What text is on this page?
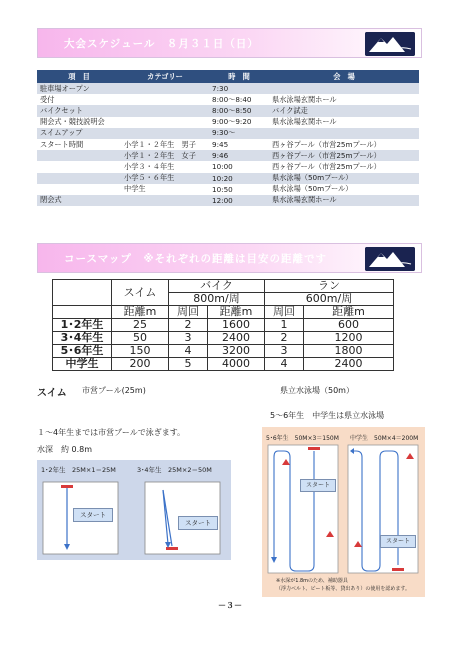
大会スケジュール　８月３１日（日）
項　目	カテゴリー	時　間	会　場
駐車場オープン		7:30	
受付		8:00～8:40	県水泳場玄関ホール
バイクセット		8:00～8:50	バイク試走
開会式・競技説明会		9:00～9:20	県水泳場玄関ホール
スイムアップ		9:30～	
スタート時間	小学１・２年生　男子	9:45	西ヶ谷プール（市営25mプール）
	小学１・２年生　女子	9:46	西ヶ谷プール（市営25mプール）
	小学３・４年生	10:00	西ヶ谷プール（市営25mプール）
	小学５・６年生	10:20	県水泳場（50mプール）
	中学生	10:50	県水泳場（50mプール）
閉会式		12:00	県水泳場玄関ホール
コースマップ　※それぞれの距離は目安の距離です
	スイム	バイク		ラン	
		800m/周		600m/周	
	距離m	周回	距離m	周回	距離m
1･2年生	25	2	1600	1	600
3･4年生	50	3	2400	2	1200
5･6年生	150	4	3200	3	1800
中学生	200	5	4000	4	2400
スイム 市営プール(25m)	県立水泳場（50m）
5～6年生　中学生は県立水泳場
１～4年生までは市営プールで泳ぎます。
水深　約 0.8m
1･2年生　25M×1＝25M	3･4年生　25M×2＝50M
スタート
スタート
5･6年生　50M×3＝150M 中学生　50M×4＝200M
スタート
スタート
※水深が1.8mのため、補助器具
（浮力ベルト、ビート板等、貸出あり）の使用を認めます。
－３－
